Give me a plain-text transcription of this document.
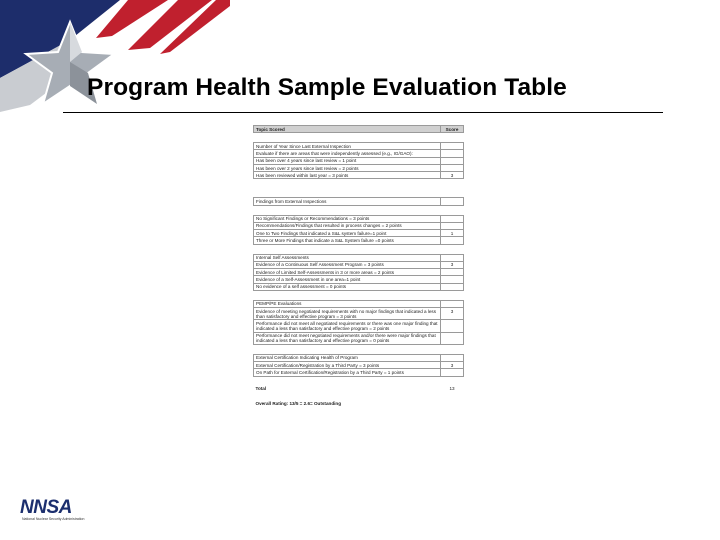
Program Health Sample Evaluation Table
Topic Scored	Score

Number of Year Since Last External Inspection	
Evaluate if there are areas that were independently assessed (e.g., IG/GAO):	
Has been over 4 years since last review = 1 point	
Has been over 2 years since last review = 2 points	
Has been reviewed within last year = 3 points	3

Findings from External Inspections	

No Significant Findings or Recommendations = 3 points	
Recommendations/Findings that resulted in process changes = 2 points	
One to Two Findings that indicated a S&L system failure=1 point	1
Three or More Findings that indicate a S&L System failure =0 points	

Internal Self Assessments	
Evidence of a Continuous Self Assessment Program = 3 points	3
Evidence of Limited Self-Assessments in 3 or more areas = 2 points	
Evidence of a Self-Assessment in one area=1 point	
No evidence of a self assessment = 0 points	

PEMP/PE Evaluations	
Evidence of meeting negotiated requirements with no major findings that indicated a less than satisfactory and effective program = 3 points	3
Performance did not meet all negotiated requirements or there was one major finding that indicated a less than satisfactory and effective program = 2 points	
Performance did not meet negotiated requirements and/or there were major findings that indicated a less than satisfactory and effective program = 0 points	

External Certification Indicating Health of Program	
External Certification/Registration by a Third Party = 3 points	3
On Path for External Certification/Registration by a Third Party = 1 points	

Total	13

Overall Rating: 13/5 = 2.6= Outstanding	
NNSA
National Nuclear Security Administration
